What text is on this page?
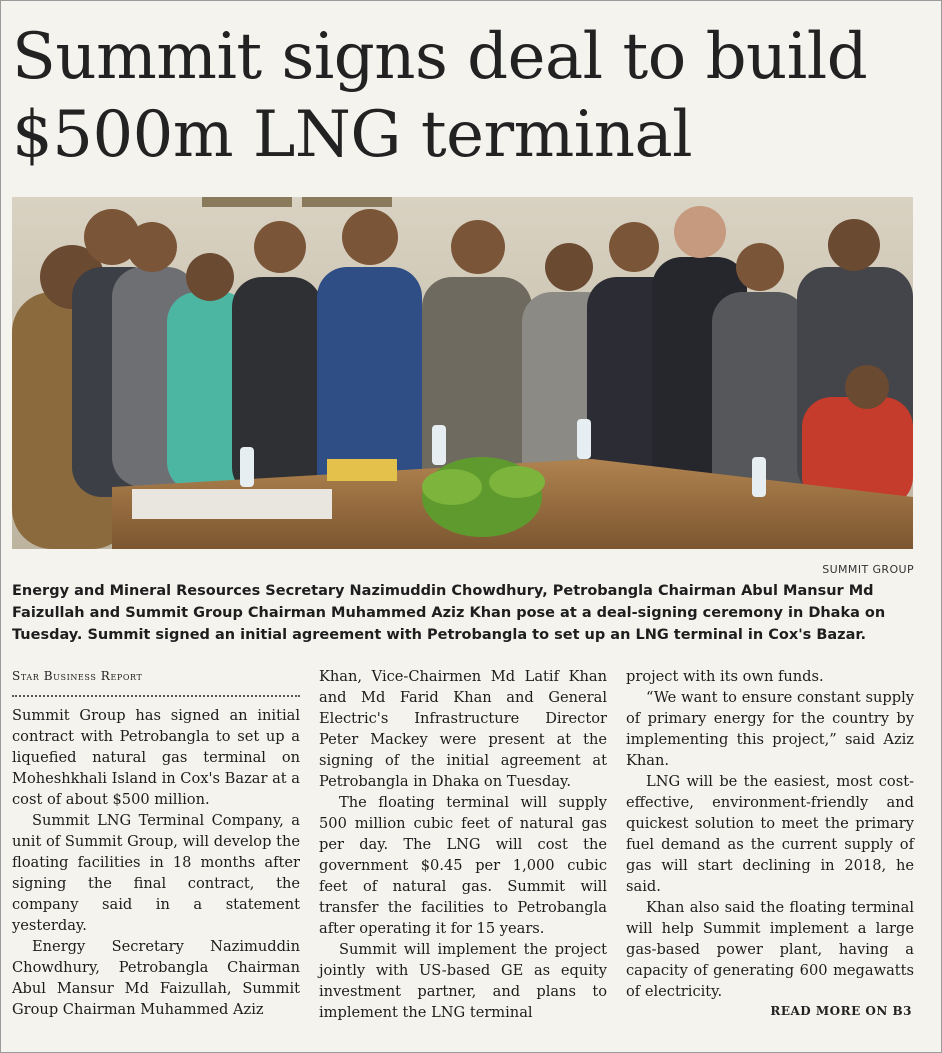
Summit signs deal to build
$500m LNG terminal
SUMMIT GROUP

Energy and Mineral Resources Secretary Nazimuddin Chowdhury, Petrobangla Chairman Abul Mansur Md Faizullah and Summit Group Chairman Muhammed Aziz Khan pose at a deal-signing ceremony in Dhaka on Tuesday. Summit signed an initial agreement with Petrobangla to set up an LNG terminal in Cox's Bazar.

Star Business Report

Summit Group has signed an initial contract with Petrobangla to set up a liquefied natural gas terminal on Moheshkhali Island in Cox's Bazar at a cost of about $500 million.

Summit LNG Terminal Company, a unit of Summit Group, will develop the floating facilities in 18 months after signing the final contract, the company said in a statement yesterday.

Energy Secretary Nazimuddin Chowdhury, Petrobangla Chairman Abul Mansur Md Faizullah, Summit Group Chairman Muhammed Aziz

Khan, Vice-Chairmen Md Latif Khan and Md Farid Khan and General Electric's Infrastructure Director Peter Mackey were present at the signing of the initial agreement at Petrobangla in Dhaka on Tuesday.

The floating terminal will supply 500 million cubic feet of natural gas per day. The LNG will cost the government $0.45 per 1,000 cubic feet of natural gas. Summit will transfer the facilities to Petrobangla after operating it for 15 years.

Summit will implement the project jointly with US-based GE as equity investment partner, and plans to implement the LNG terminal

project with its own funds.

“We want to ensure constant supply of primary energy for the country by implementing this project,” said Aziz Khan.

LNG will be the easiest, most cost-effective, environment-friendly and quickest solution to meet the primary fuel demand as the current supply of gas will start declining in 2018, he said.

Khan also said the floating terminal will help Summit implement a large gas-based power plant, having a capacity of generating 600 megawatts of electricity.

READ MORE ON B3
